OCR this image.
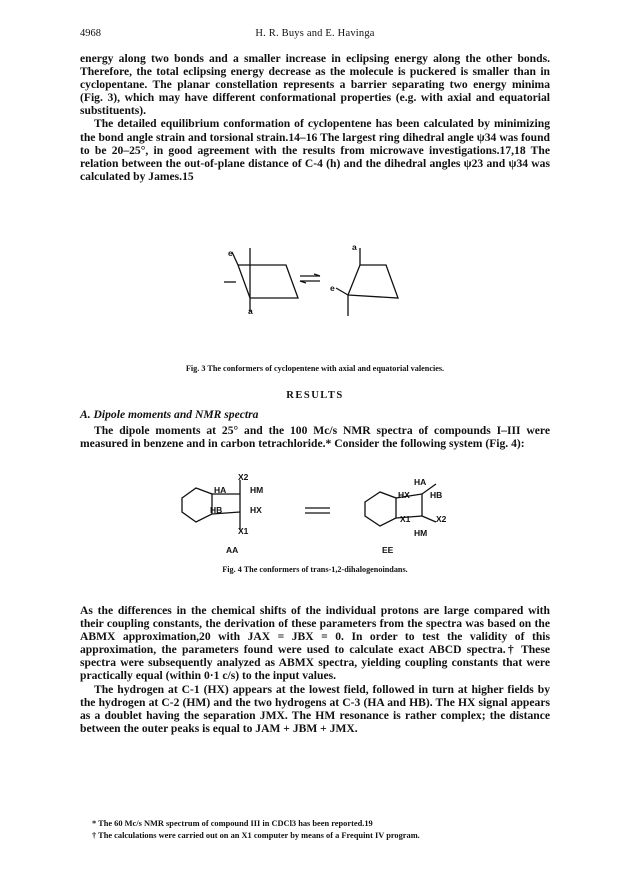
4968	H. R. Buys and E. Havinga

energy along two bonds and a smaller increase in eclipsing energy along the other bonds. Therefore, the total eclipsing energy decrease as the molecule is puckered is smaller than in cyclopentane. The planar constellation represents a barrier separating two energy minima (Fig. 3), which may have different conformational properties (e.g. with axial and equatorial substituents).

The detailed equilibrium conformation of cyclopentene has been calculated by minimizing the bond angle strain and torsional strain.14–16 The largest ring dihedral angle ψ34 was found to be 20–25°, in good agreement with the results from microwave investigations.17,18 The relation between the out-of-plane distance of C-4 (h) and the dihedral angles ψ23 and ψ34 was calculated by James.15

e
a
e
a
Fig. 3 The conformers of cyclopentene with axial and equatorial valencies.
RESULTS
A. Dipole moments and NMR spectra

The dipole moments at 25° and the 100 Mc/s NMR spectra of compounds I–III were measured in benzene and in carbon tetrachloride.* Consider the following system (Fig. 4):

X2
HA	HM
HB	HX
X1
HA
HB
HX
X2
X1
HM
AA	EE
Fig. 4 The conformers of trans-1,2-dihalogenoindans.

As the differences in the chemical shifts of the individual protons are large compared with their coupling constants, the derivation of these parameters from the spectra was based on the ABMX approximation,20 with JAX = JBX = 0. In order to test the validity of this approximation, the parameters found were used to calculate exact ABCD spectra.† These spectra were subsequently analyzed as ABMX spectra, yielding coupling constants that were practically equal (within 0·1 c/s) to the input values.

The hydrogen at C-1 (HX) appears at the lowest field, followed in turn at higher fields by the hydrogen at C-2 (HM) and the two hydrogens at C-3 (HA and HB). The HX signal appears as a doublet having the separation JMX. The HM resonance is rather complex; the distance between the outer peaks is equal to JAM + JBM + JMX.

* The 60 Mc/s NMR spectrum of compound III in CDCl3 has been reported.19

† The calculations were carried out on an X1 computer by means of a Frequint IV program.
